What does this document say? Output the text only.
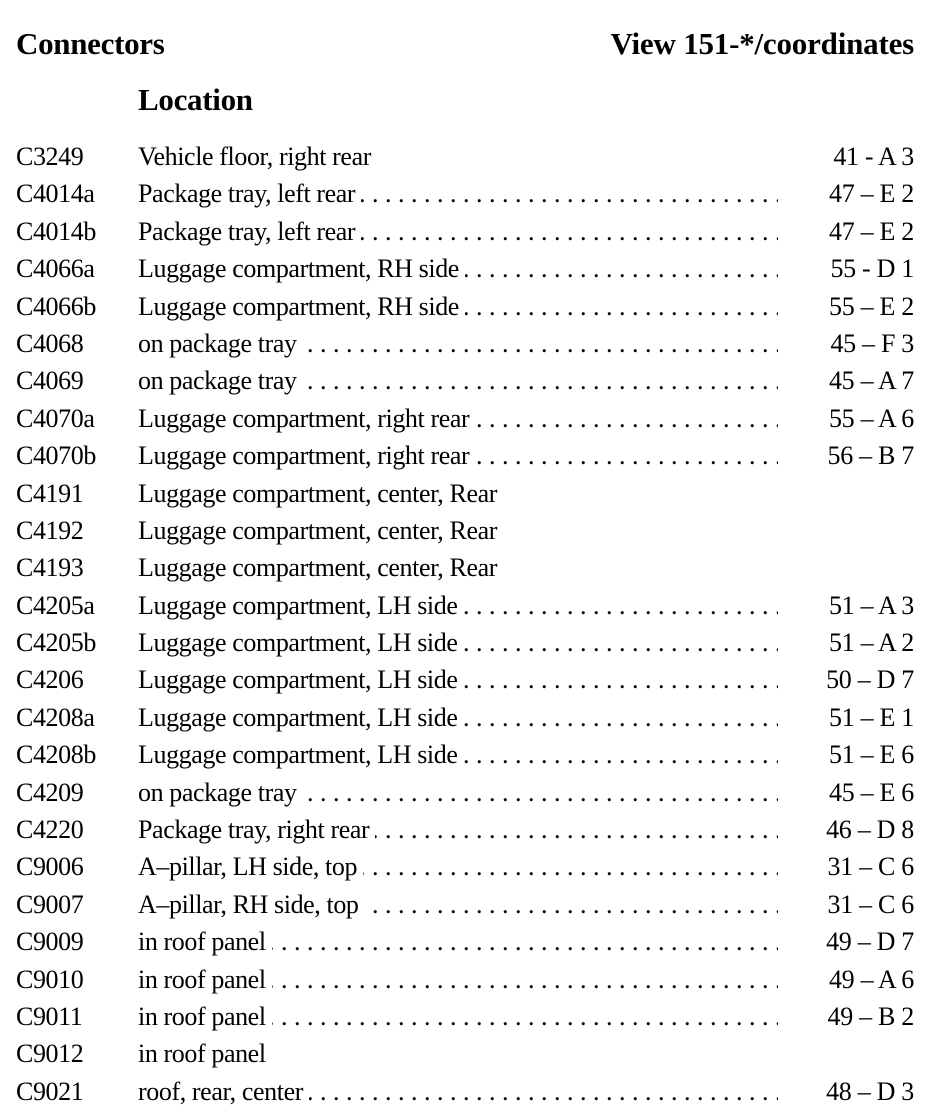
Connectors	View 151-*/coordinates
Location
C3249 Vehicle floor, right rear	41 - A 3
C4014a Package tray, left rear . . .	47 – E 2
C4014b Package tray, left rear . . .	47 – E 2
C4066a Luggage compartment, RH side . . .	55 - D 1
C4066b Luggage compartment, RH side . . .	55 – E 2
C4068 on package tray . . .	45 – F 3
C4069 on package tray . . .	45 – A 7
C4070a Luggage compartment, right rear . . .	55 – A 6
C4070b Luggage compartment, right rear . . .	56 – B 7
C4191 Luggage compartment, center, Rear
C4192 Luggage compartment, center, Rear
C4193 Luggage compartment, center, Rear
C4205a Luggage compartment, LH side . . .	51 – A 3
C4205b Luggage compartment, LH side . . .	51 – A 2
C4206 Luggage compartment, LH side . . .	50 – D 7
C4208a Luggage compartment, LH side . . .	51 – E 1
C4208b Luggage compartment, LH side . . .	51 – E 6
C4209 on package tray . . .	45 – E 6
C4220 Package tray, right rear . . .	46 – D 8
C9006 A–pillar, LH side, top . . .	31 – C 6
C9007 A–pillar, RH side, top . . .	31 – C 6
C9009 in roof panel . . .	49 – D 7
C9010 in roof panel . . .	49 – A 6
C9011 in roof panel . . .	49 – B 2
C9012 in roof panel
C9021 roof, rear, center . . .	48 – D 3
